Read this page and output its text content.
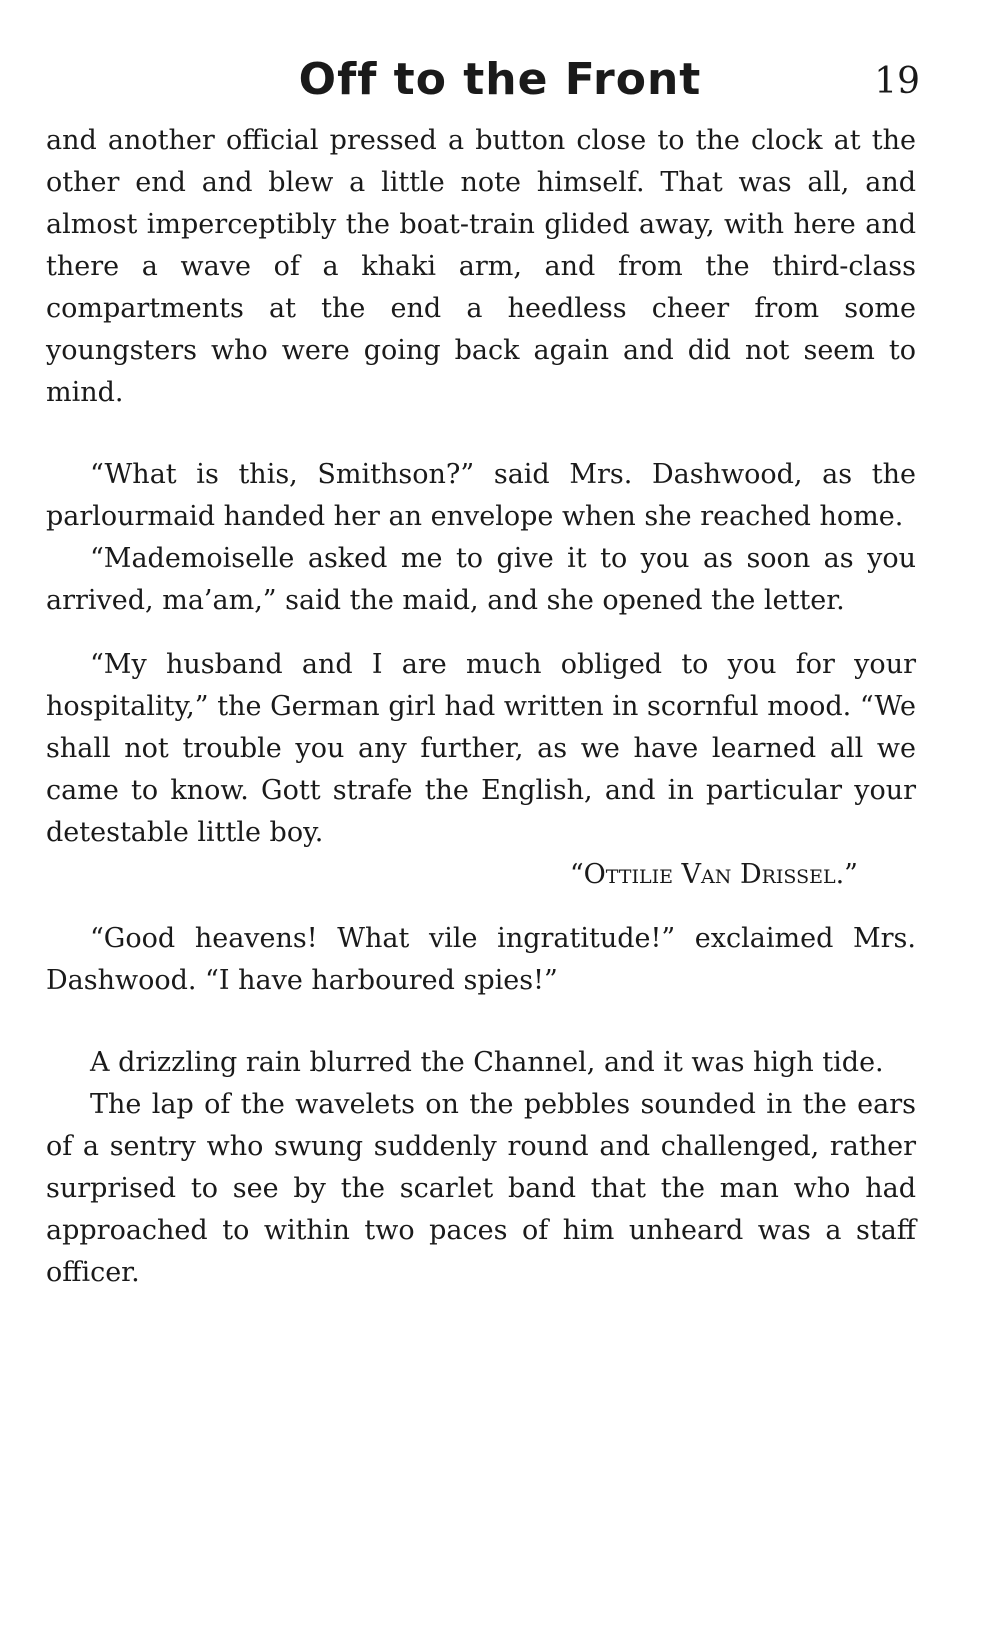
Off to the Front	19

and another official pressed a button close to the clock at the other end and blew a little note himself. That was all, and almost imperceptibly the boat-train glided away, with here and there a wave of a khaki arm, and from the third-class compartments at the end a heedless cheer from some youngsters who were going back again and did not seem to mind.

“What is this, Smithson?” said Mrs. Dashwood, as the parlourmaid handed her an envelope when she reached home.

“Mademoiselle asked me to give it to you as soon as you arrived, ma’am,” said the maid, and she opened the letter.

“My husband and I are much obliged to you for your hospitality,” the German girl had written in scornful mood. “We shall not trouble you any further, as we have learned all we came to know. Gott strafe the English, and in particular your detestable little boy.

“Ottilie Van Drissel.”

“Good heavens! What vile ingratitude!” exclaimed Mrs. Dashwood. “I have harboured spies!”

A drizzling rain blurred the Channel, and it was high tide.

The lap of the wavelets on the pebbles sounded in the ears of a sentry who swung suddenly round and challenged, rather surprised to see by the scarlet band that the man who had approached to within two paces of him unheard was a staff officer.
